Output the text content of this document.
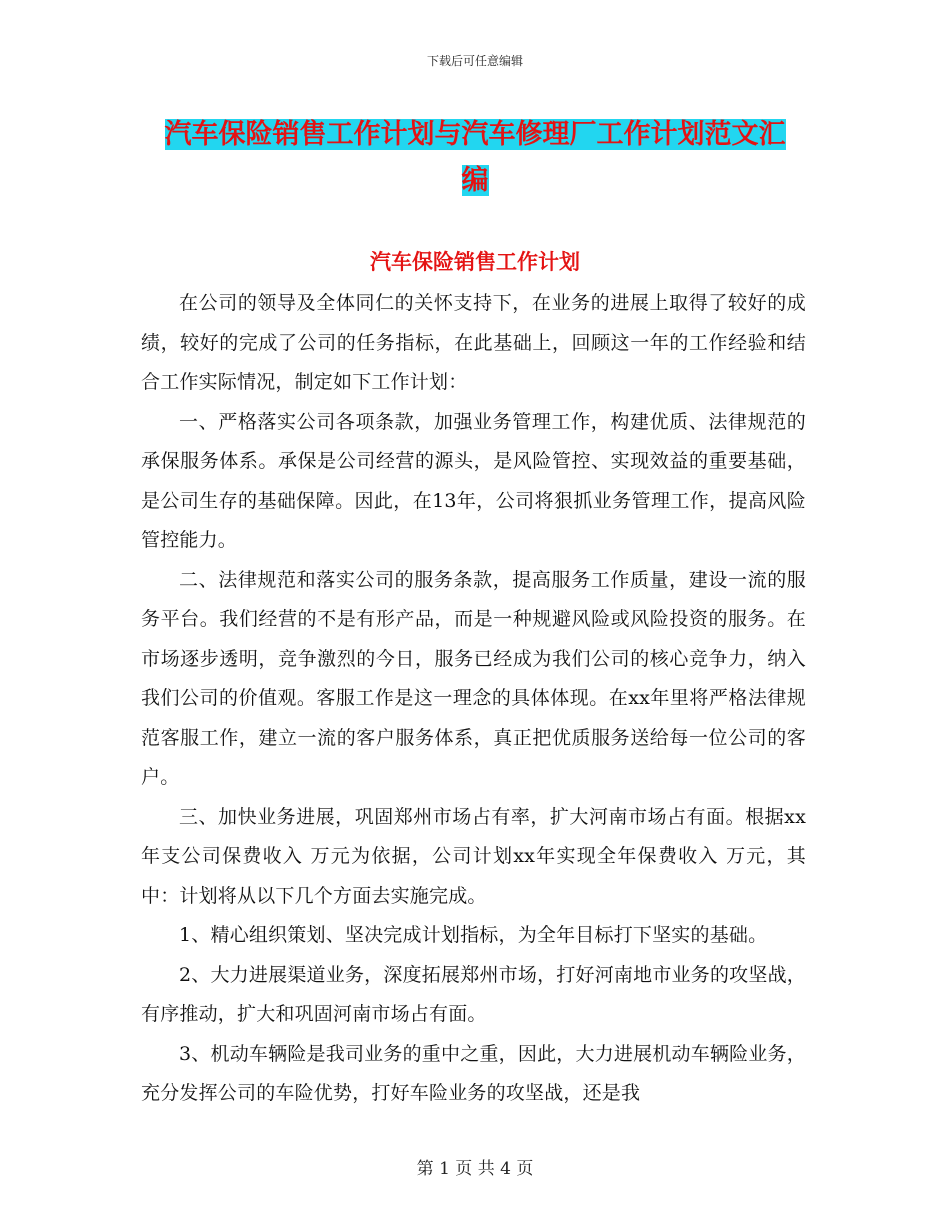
下载后可任意编辑
汽车保险销售工作计划与汽车修理厂工作计划范文汇
编
汽车保险销售工作计划

在公司的领导及全体同仁的关怀支持下，在业务的进展上取得了较好的成绩，较好的完成了公司的任务指标，在此基础上，回顾这一年的工作经验和结合工作实际情况，制定如下工作计划：

一、严格落实公司各项条款，加强业务管理工作，构建优质、法律规范的承保服务体系。承保是公司经营的源头，是风险管控、实现效益的重要基础，是公司生存的基础保障。因此，在13年，公司将狠抓业务管理工作，提高风险管控能力。

二、法律规范和落实公司的服务条款，提高服务工作质量，建设一流的服务平台。我们经营的不是有形产品，而是一种规避风险或风险投资的服务。在市场逐步透明，竞争激烈的今日，服务已经成为我们公司的核心竞争力，纳入我们公司的价值观。客服工作是这一理念的具体体现。在xx年里将严格法律规范客服工作，建立一流的客户服务体系，真正把优质服务送给每一位公司的客户。

三、加快业务进展，巩固郑州市场占有率，扩大河南市场占有面。根据xx年支公司保费收入 万元为依据，公司计划xx年实现全年保费收入 万元，其中：计划将从以下几个方面去实施完成。

1、精心组织策划、坚决完成计划指标，为全年目标打下坚实的基础。

2、大力进展渠道业务，深度拓展郑州市场，打好河南地市业务的攻坚战，有序推动，扩大和巩固河南市场占有面。

3、机动车辆险是我司业务的重中之重，因此，大力进展机动车辆险业务，充分发挥公司的车险优势，打好车险业务的攻坚战，还是我

第 1 页 共 4 页
